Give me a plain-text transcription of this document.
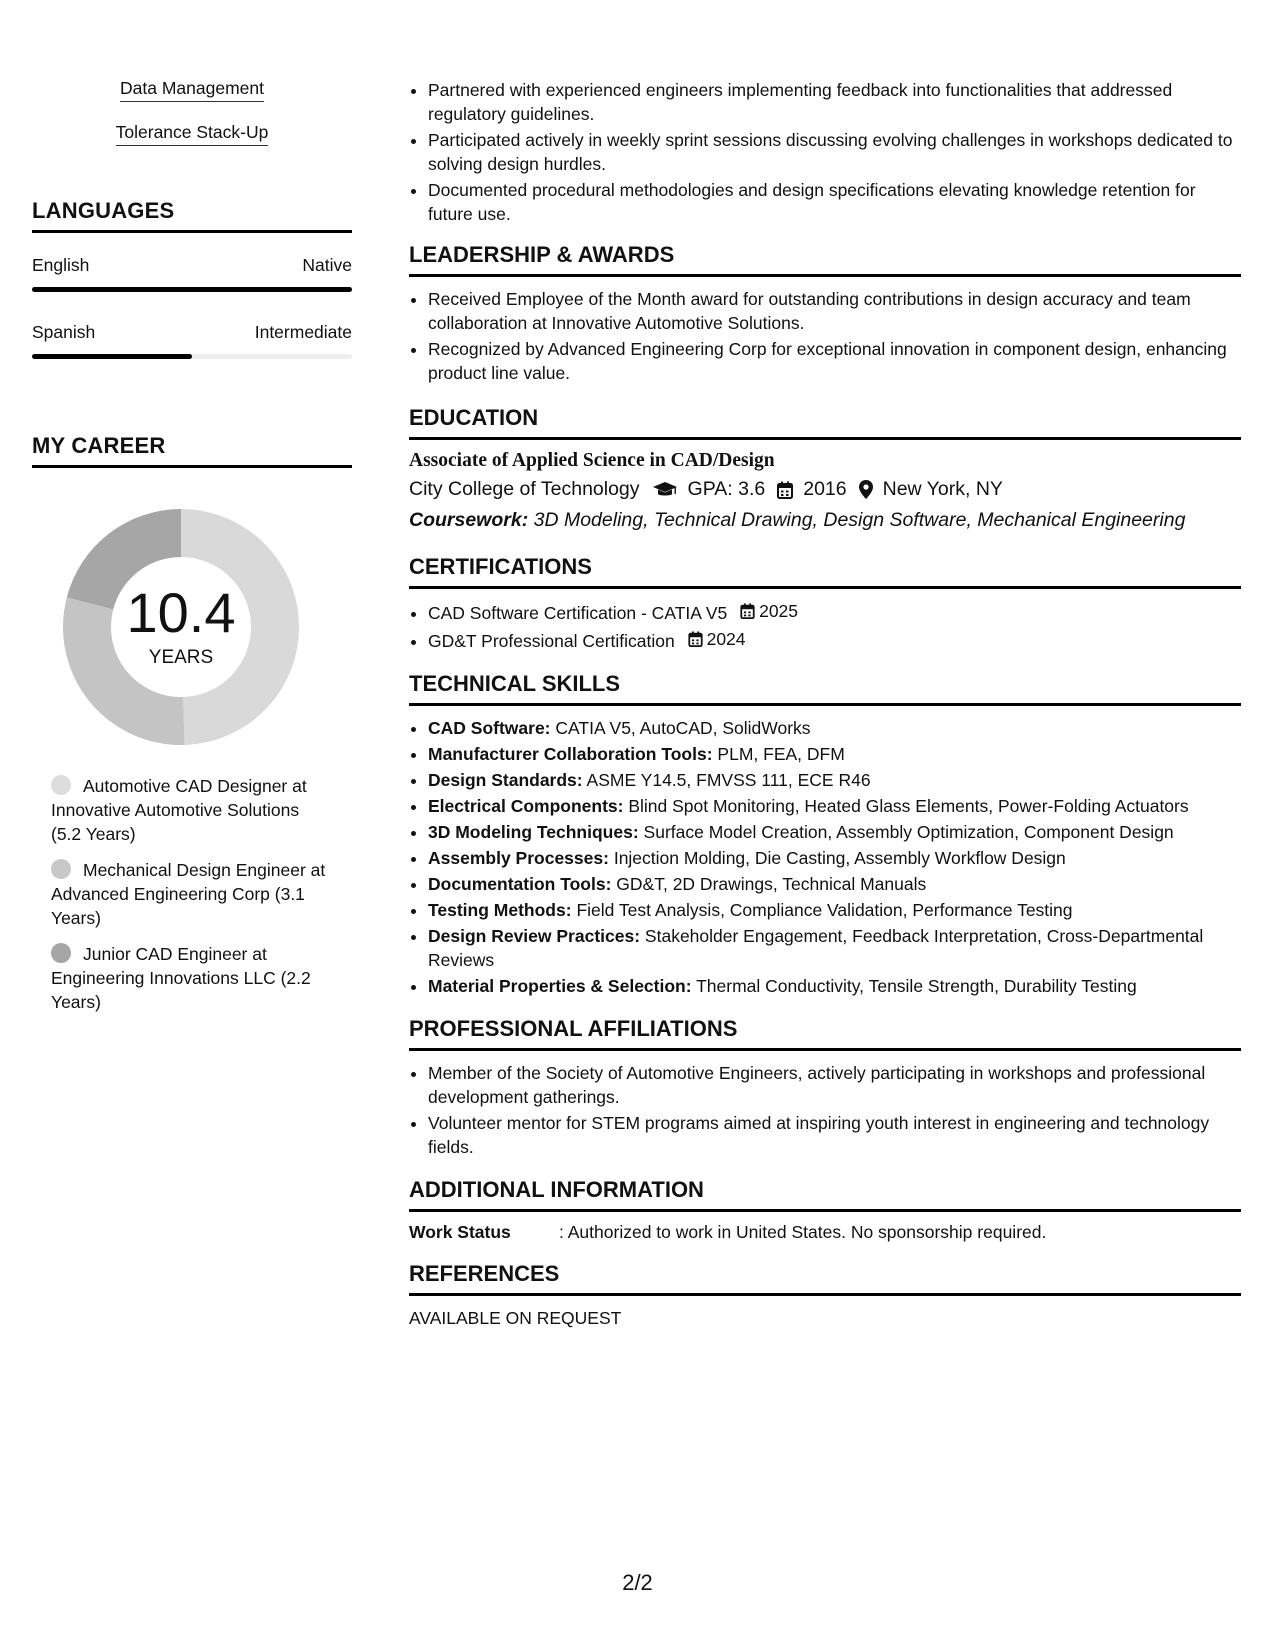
Data Management
Tolerance Stack-Up
LANGUAGES
English	Native
Spanish	Intermediate
MY CAREER
10.4
YEARS
Automotive CAD Designer at Innovative Automotive Solutions (5.2 Years)
Mechanical Design Engineer at Advanced Engineering Corp (3.1 Years)
Junior CAD Engineer at Engineering Innovations LLC (2.2 Years)
• Partnered with experienced engineers implementing feedback into functionalities that addressed regulatory guidelines.
• Participated actively in weekly sprint sessions discussing evolving challenges in workshops dedicated to solving design hurdles.
• Documented procedural methodologies and design specifications elevating knowledge retention for future use.
LEADERSHIP & AWARDS
• Received Employee of the Month award for outstanding contributions in design accuracy and team collaboration at Innovative Automotive Solutions.
• Recognized by Advanced Engineering Corp for exceptional innovation in component design, enhancing product line value.
EDUCATION
Associate of Applied Science in CAD/Design
City College of Technology GPA: 3.6 2016 New York, NY
Coursework: 3D Modeling, Technical Drawing, Design Software, Mechanical Engineering
CERTIFICATIONS
• CAD Software Certification - CATIA V5 2025
• GD&T Professional Certification 2024
TECHNICAL SKILLS
• CAD Software: CATIA V5, AutoCAD, SolidWorks
• Manufacturer Collaboration Tools: PLM, FEA, DFM
• Design Standards: ASME Y14.5, FMVSS 111, ECE R46
• Electrical Components: Blind Spot Monitoring, Heated Glass Elements, Power-Folding Actuators
• 3D Modeling Techniques: Surface Model Creation, Assembly Optimization, Component Design
• Assembly Processes: Injection Molding, Die Casting, Assembly Workflow Design
• Documentation Tools: GD&T, 2D Drawings, Technical Manuals
• Testing Methods: Field Test Analysis, Compliance Validation, Performance Testing
• Design Review Practices: Stakeholder Engagement, Feedback Interpretation, Cross-Departmental Reviews
• Material Properties & Selection: Thermal Conductivity, Tensile Strength, Durability Testing
PROFESSIONAL AFFILIATIONS
• Member of the Society of Automotive Engineers, actively participating in workshops and professional development gatherings.
• Volunteer mentor for STEM programs aimed at inspiring youth interest in engineering and technology fields.
ADDITIONAL INFORMATION
Work Status	: Authorized to work in United States. No sponsorship required.
REFERENCES
AVAILABLE ON REQUEST
2/2
